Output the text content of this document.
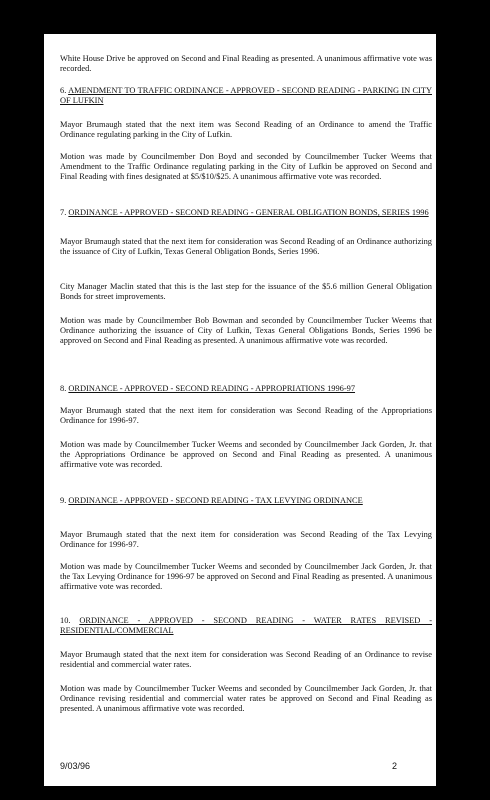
White House Drive be approved on Second and Final Reading as presented. A unanimous affirmative vote was recorded.

6. AMENDMENT TO TRAFFIC ORDINANCE - APPROVED - SECOND READING - PARKING IN CITY OF LUFKIN

Mayor Brumaugh stated that the next item was Second Reading of an Ordinance to amend the Traffic Ordinance regulating parking in the City of Lufkin.

Motion was made by Councilmember Don Boyd and seconded by Councilmember Tucker Weems that Amendment to the Traffic Ordinance regulating parking in the City of Lufkin be approved on Second and Final Reading with fines designated at $5/$10/$25. A unanimous affirmative vote was recorded.

7. ORDINANCE - APPROVED - SECOND READING - GENERAL OBLIGATION BONDS, SERIES 1996

Mayor Brumaugh stated that the next item for consideration was Second Reading of an Ordinance authorizing the issuance of City of Lufkin, Texas General Obligation Bonds, Series 1996.

City Manager Maclin stated that this is the last step for the issuance of the $5.6 million General Obligation Bonds for street improvements.

Motion was made by Councilmember Bob Bowman and seconded by Councilmember Tucker Weems that Ordinance authorizing the issuance of City of Lufkin, Texas General Obligations Bonds, Series 1996 be approved on Second and Final Reading as presented. A unanimous affirmative vote was recorded.

8. ORDINANCE - APPROVED - SECOND READING - APPROPRIATIONS 1996-97

Mayor Brumaugh stated that the next item for consideration was Second Reading of the Appropriations Ordinance for 1996-97.

Motion was made by Councilmember Tucker Weems and seconded by Councilmember Jack Gorden, Jr. that the Appropriations Ordinance be approved on Second and Final Reading as presented. A unanimous affirmative vote was recorded.

9. ORDINANCE - APPROVED - SECOND READING - TAX LEVYING ORDINANCE

Mayor Brumaugh stated that the next item for consideration was Second Reading of the Tax Levying Ordinance for 1996-97.

Motion was made by Councilmember Tucker Weems and seconded by Councilmember Jack Gorden, Jr. that the Tax Levying Ordinance for 1996-97 be approved on Second and Final Reading as presented. A unanimous affirmative vote was recorded.

10. ORDINANCE - APPROVED - SECOND READING - WATER RATES REVISED - RESIDENTIAL/COMMERCIAL

Mayor Brumaugh stated that the next item for consideration was Second Reading of an Ordinance to revise residential and commercial water rates.

Motion was made by Councilmember Tucker Weems and seconded by Councilmember Jack Gorden, Jr. that Ordinance revising residential and commercial water rates be approved on Second and Final Reading as presented. A unanimous affirmative vote was recorded.

9/03/96	2
